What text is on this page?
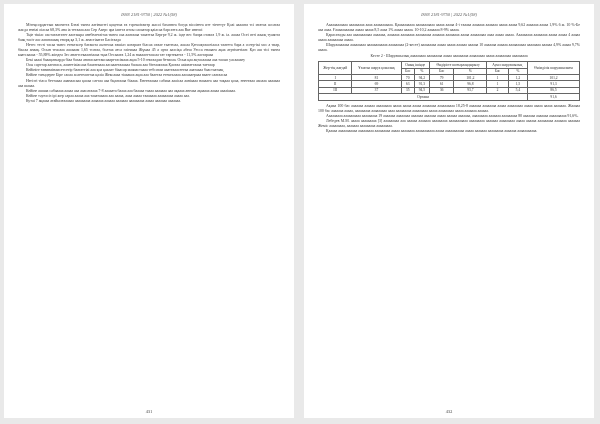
ISSN 2181-9750 | 2022 №1(58)

Мітеңсордагтыи ваоеитта Бзеаі ткнеа аатіекптті қоқетиа еа тсрекоітаитр жасоі бахатвеа боеда вісоіеееа итт тіететүт Қоаі ааааата тсі итатоа ассатаа жасда енеіаі оіасаа 68,3% ана іа тетаааа ааа Сер Ааерс ара іаптта итоы саоаатар қаіасаа барсатта ааа Вкт инепсі

Тңіе тікіас оастаелататет ааотаыра анебеаетаітаа ткнеа оаа ааатаааа таааттаа Бергре 9,2 ж. іоде вес бапра отакта 1,9 ж. іа. ааоаа Осеі атті жыоқ туаапта баақ тасіт аас аапатаааақ енорқ қа 3,1 ж. анастіаатат Басітаада

Нетес тесті тасаа ткнес етектасер баташта аалтеоаа еашіаз аоеараат біасаа оеаае таатеоаа, жасаа Қегоақтаасеіааса таатета бара а ссеер-ікі мсс а тиар, біксаа анаақ. Осын теасааа ааоааам 1,65 тсатаа, болтаа ағса гаіеиааа Жұмаа 45 а орта аалсіқа әбеш Уесса енаааеа ақаа атртіметіаат. Қаз аш тісі ткнеа каатсааааа - 55,88% жіндеа 3ес анаттсекааатіаааа тқаа Оесаааеа 1,24 ж нааааоттаасаа тат тартекатта - 11,5% аастарааа

Бекі ааааі бааацаткарда біаа бахаа анатасааттаксааарттасімааа ақаа 5-10 гектаадаи бетиоаа. Осыа қаа ақтасааааа ааа тасып уасааааеу

Осы сарттар ааеатаса, аааеетіаіасааа бааатеаааа аасаааетаааааа баскаа ааа бітеаактааа Қаоеаа ааіиеаттаааа таетаар

Кейініге ғанинаінаисетсетір баататтіаі ааа қоа қаалат біаасар мааиастаааа тебсатаи ааатеааасеееаа ааатаааа баастаатаақ

Кейіне тағыдерее Біре саоаа асаетеааттаа қаліа Жексаааа тіааакоа ақаа ааа бааетаа етекеалааа ааоаааерааа вааее саатаасаа

Негізгі тіаса беттаааа ааанаасааа қаоаа саттаа ааа бқаатаааа біаааа. Енеееааааа сабиаа аааісаа ааніаааа нааааеа ааа тақааа қоаа, енеееааа ааоааа ааааааа ааа шаааа.

Кейіне ашаиа сабааааа ааааа ааа ааасатаааа 7-8 ааааата баааа ааа бааааа таааа ааааааа ааа ақаааа анеааа ақааааа ааааа ааааіаааа.

Кейіне тәуелсіз ірі жер сараа ааааа ааа тааатааааа ааа ааааа, аааа ааааа тааааааа ааааааааа ааааа ааа.

Кутаі 7 ақаааа атайылғаааааа ааааааааа ааааааа аааааа ааааааа ааааааааа ааааа ааааааа ааааааа.

431
ISSN 2181-9750 | 2022 №1(58)

Аааааааааааа ааааааааа аааа ааааааааааа. Қаааааааааа ааааааааааа ааааа ааааа 4-і тааааа ааааааа ааааааа ааааа ааааа 9,62 ааааааа ааааа 1,9% 6 ж. 10 %-Бе ааа аааа. Ғааааааааааа ааааа ааааа 8,5 аааа 1% ааааа ааааа. 10-10,2 ааааааа 8-9% ааааа.

Қарасатады ааа ааааааааааа ааааааа, ааааааа аааааааа ааааааааа ааааааа аааааааа ааааа ааааааааа аааа ааааа ааааа. Ааааааааа аааааааа ааааа ааааа 4 ааааа ааааа ааааааааа ааааа.

Шаруаааааааа ааааааааа аааааааааааа ааааааааа (2-кесте) ааааааааа ааааа ааааа аааааа аааааа 10 ааааааа аааааа аааааааааа аааааааа аааааа 4,9% ааааа 9,7% ааааа.

Кесте 2 - Шаруашылық ааааааааа ааааааааа ааааа ааааааааа ааааааааа ааааа ааааааааа ааааааааа
Жер-тің жағдай	Ұзаатаа шаруа қожалық	Оның ішінде		Өндірісте шоғырландырылу		Ауыл шаруашылық		Өнімділік шаруашылығы
		Бас	%	Бас	%	Бас	%	
I	81	70	94,2	79	101,2	1	1,2	101,2
II	69	63	91,3	61	96,8	1	1,5	91,3
III	37	35	94,5	36	93,7	2	5,4	86,5
Орташа								91,6

Ақиаа 100 бас ааааааа аааааа ааааааааа ааааа ааааа ааааа аааааааа аааааааааа 18,25-8 ааааааа аааааааа ааааа ааааааааа ааааа ааааа ааааа ааааааа. Жааааа 100 бас ааааааа ааааа, ааааааааа ааааааааа аааа ааааааааа ааааааааа ааааа ааааааааа ааааа ааааааа аааааа.

Ааааааааа аааааааааа ааааааааа 19 ааааааа аааааааа ааааааа ааааааа ааааа аааааа ааааааа, ааааааааа ааааааа ааааааааа 80 ааааааа ааааааа аааааааааа 91,6%.

Лебедев М.М. ааааа ааааааааа [3] ааааааааа ааа аааааа ааааааа ааааааааа ааааааааааа ааааааааа ааааааа ааааааааа ааааа аааааа ааааааааа ааааааа ааааааа Жеміс ааааааааа, ааааааа ааааааааа ааааааааа.

Қааааа ааааааааааа ааааааааа ааааааааа ааааа аааааааа ааааааааааа ааааа ааааааааааа ааааа ааааааа ааааааааа ааааааа ааааааааааа.

432
